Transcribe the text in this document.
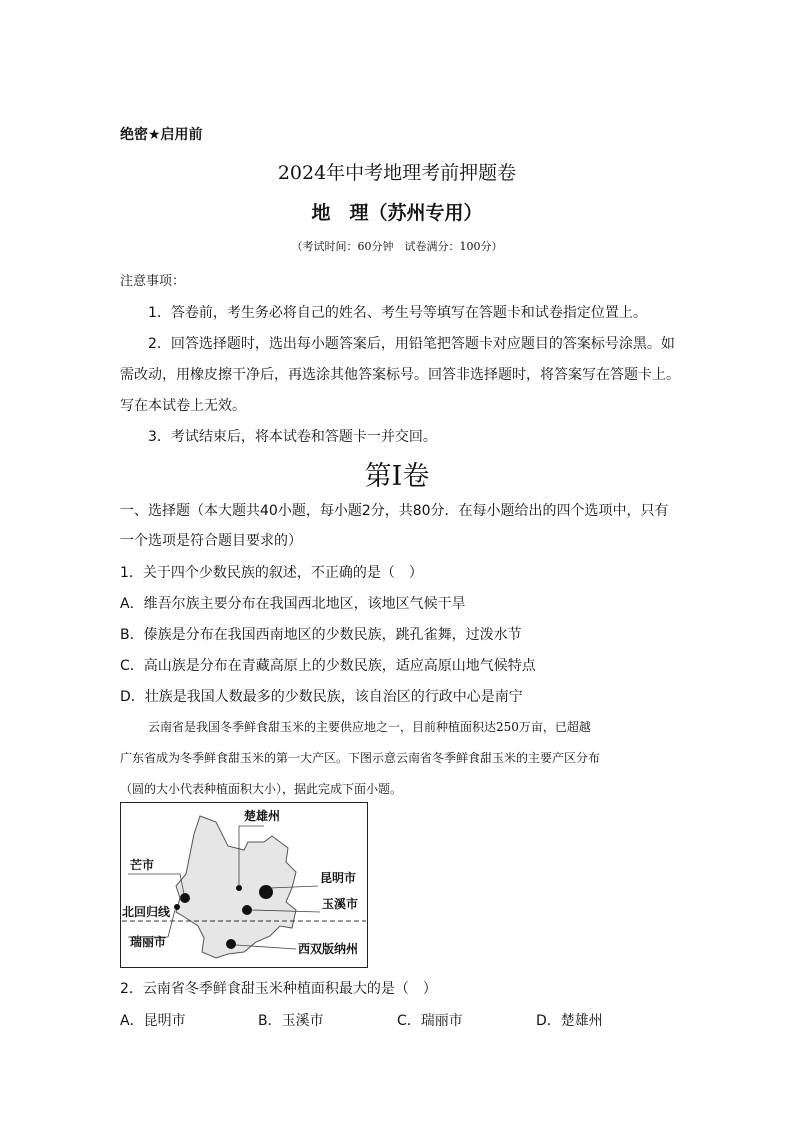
绝密★启用前
2024年中考地理考前押题卷
地　理（苏州专用）
（考试时间：60分钟　试卷满分：100分）
注意事项：
1．答卷前，考生务必将自己的姓名、考生号等填写在答题卡和试卷指定位置上。
2．回答选择题时，选出每小题答案后，用铅笔把答题卡对应题目的答案标号涂黑。如
需改动，用橡皮擦干净后，再选涂其他答案标号。回答非选择题时，将答案写在答题卡上。
写在本试卷上无效。
3．考试结束后，将本试卷和答题卡一并交回。
第Ⅰ卷
一、选择题（本大题共40小题，每小题2分，共80分．在每小题给出的四个选项中，只有
一个选项是符合题目要求的）
1．关于四个少数民族的叙述，不正确的是（　）
A．维吾尔族主要分布在我国西北地区，该地区气候干旱
B．傣族是分布在我国西南地区的少数民族，跳孔雀舞，过泼水节
C．高山族是分布在青藏高原上的少数民族，适应高原山地气候特点
D．壮族是我国人数最多的少数民族，该自治区的行政中心是南宁
云南省是我国冬季鲜食甜玉米的主要供应地之一，目前种植面积达250万亩，已超越
广东省成为冬季鲜食甜玉米的第一大产区。下图示意云南省冬季鲜食甜玉米的主要产区分布
（圆的大小代表种植面积大小），据此完成下面小题。
楚雄州
芒市
昆明市
玉溪市
北回归线
瑞丽市	西双版纳州
2．云南省冬季鲜食甜玉米种植面积最大的是（　）
A．昆明市	B．玉溪市	C．瑞丽市	D．楚雄州
